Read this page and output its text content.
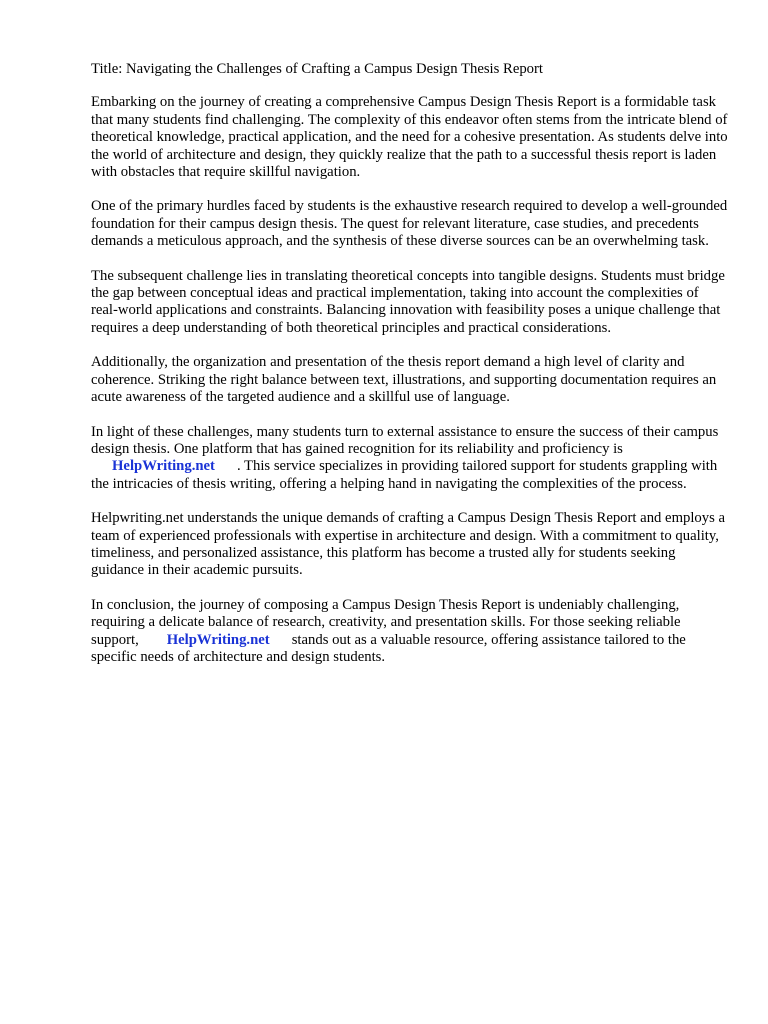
Title: Navigating the Challenges of Crafting a Campus Design Thesis Report

Embarking on the journey of creating a comprehensive Campus Design Thesis Report is a formidable task that many students find challenging. The complexity of this endeavor often stems from the intricate blend of theoretical knowledge, practical application, and the need for a cohesive presentation. As students delve into the world of architecture and design, they quickly realize that the path to a successful thesis report is laden with obstacles that require skillful navigation.

One of the primary hurdles faced by students is the exhaustive research required to develop a well-grounded foundation for their campus design thesis. The quest for relevant literature, case studies, and precedents demands a meticulous approach, and the synthesis of these diverse sources can be an overwhelming task.

The subsequent challenge lies in translating theoretical concepts into tangible designs. Students must bridge the gap between conceptual ideas and practical implementation, taking into account the complexities of real-world applications and constraints. Balancing innovation with feasibility poses a unique challenge that requires a deep understanding of both theoretical principles and practical considerations.

Additionally, the organization and presentation of the thesis report demand a high level of clarity and coherence. Striking the right balance between text, illustrations, and supporting documentation requires an acute awareness of the targeted audience and a skillful use of language.

In light of these challenges, many students turn to external assistance to ensure the success of their campus design thesis. One platform that has gained recognition for its reliability and proficiency is
HelpWriting.net . This service specializes in providing tailored support for students grappling with the intricacies of thesis writing, offering a helping hand in navigating the complexities of the process.

Helpwriting.net understands the unique demands of crafting a Campus Design Thesis Report and employs a team of experienced professionals with expertise in architecture and design. With a commitment to quality, timeliness, and personalized assistance, this platform has become a trusted ally for students seeking guidance in their academic pursuits.

In conclusion, the journey of composing a Campus Design Thesis Report is undeniably challenging, requiring a delicate balance of research, creativity, and presentation skills. For those seeking reliable support, HelpWriting.net stands out as a valuable resource, offering assistance tailored to the specific needs of architecture and design students.
